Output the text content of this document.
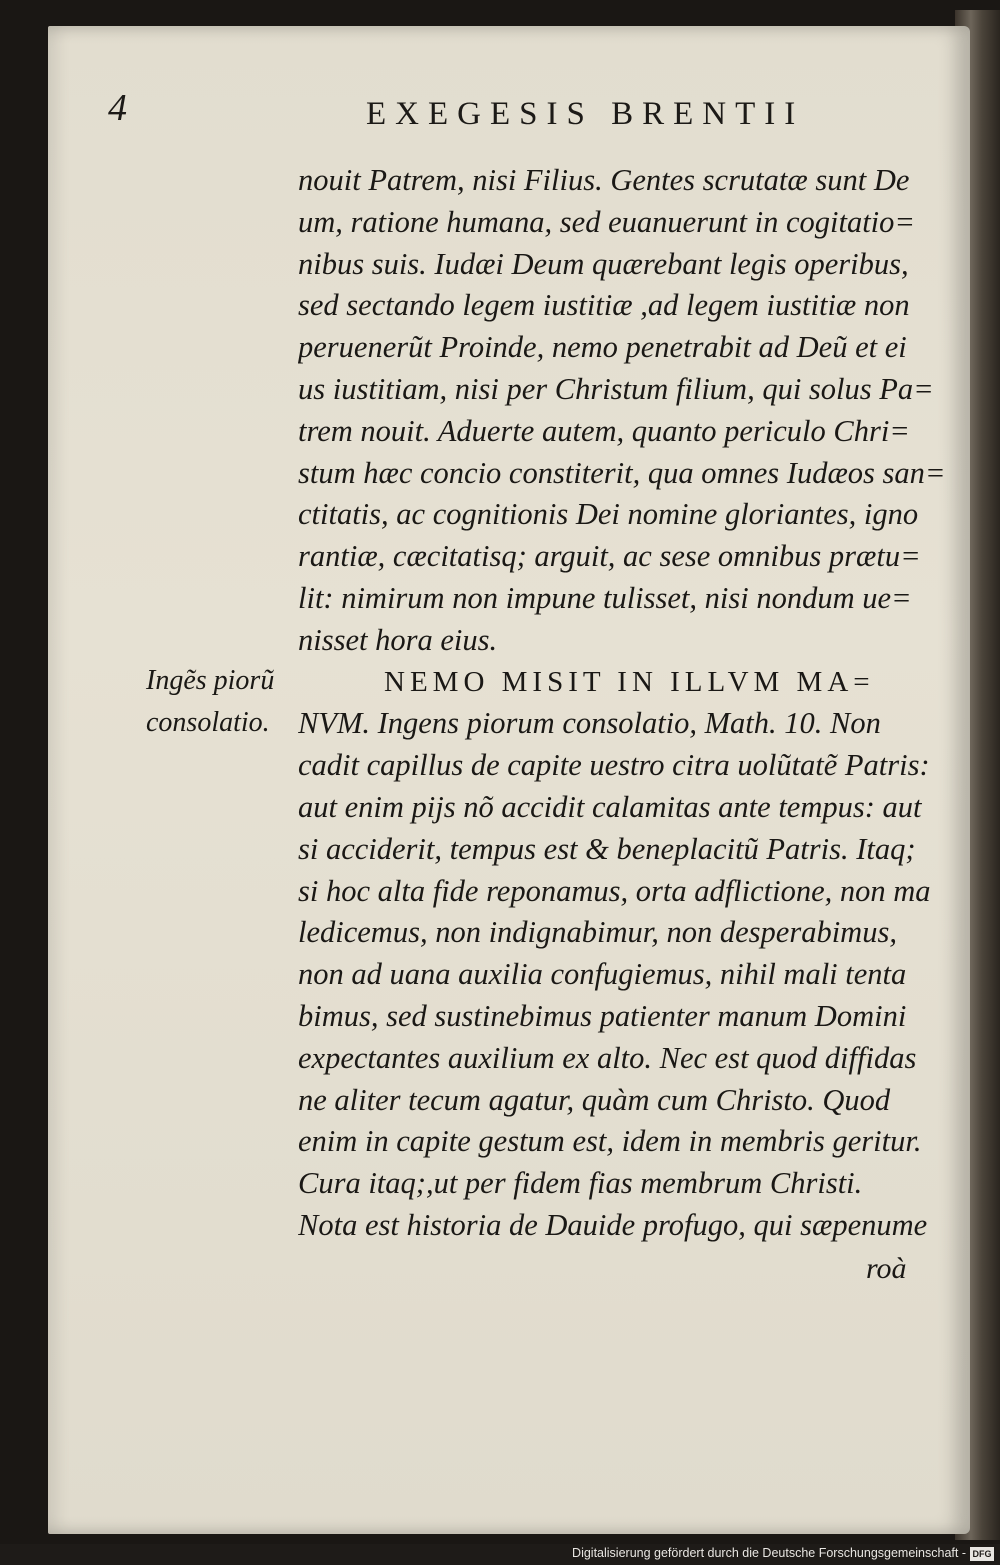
4	EXEGESIS BRENTII
Ingẽs piorũ
consolatio.
nouit Patrem, nisi Filius. Gentes scrutatæ sunt De
um, ratione humana, sed euanuerunt in cogitatio=
nibus suis. Iudæi Deum quærebant legis operibus,
sed sectando legem iustitiæ ,ad legem iustitiæ non
peruenerũt Proinde, nemo penetrabit ad Deũ et ei
us iustitiam, nisi per Christum filium, qui solus Pa=
trem nouit. Aduerte autem, quanto periculo Chri=
stum hæc concio constiterit, qua omnes Iudæos san=
ctitatis, ac cognitionis Dei nomine gloriantes, igno
rantiæ, cæcitatisq; arguit, ac sese omnibus prætu=
lit: nimirum non impune tulisset, nisi nondum ue=
nisset hora eius.
NEMO MISIT IN ILLVM MA=
NVM. Ingens piorum consolatio, Math. 10. Non
cadit capillus de capite uestro citra uolũtatẽ Patris:
aut enim pijs nõ accidit calamitas ante tempus: aut
si acciderit, tempus est & beneplacitũ Patris. Itaq;
si hoc alta fide reponamus, orta adflictione, non ma
ledicemus, non indignabimur, non desperabimus,
non ad uana auxilia confugiemus, nihil mali tenta
bimus, sed sustinebimus patienter manum Domini
expectantes auxilium ex alto. Nec est quod diffidas
ne aliter tecum agatur, quàm cum Christo. Quod
enim in capite gestum est, idem in membris geritur.
Cura itaq;,ut per fidem fias membrum Christi.
Nota est historia de Dauide profugo, qui sæpenume
roà
Digitalisierung gefördert durch die Deutsche Forschungsgemeinschaft - DFG
